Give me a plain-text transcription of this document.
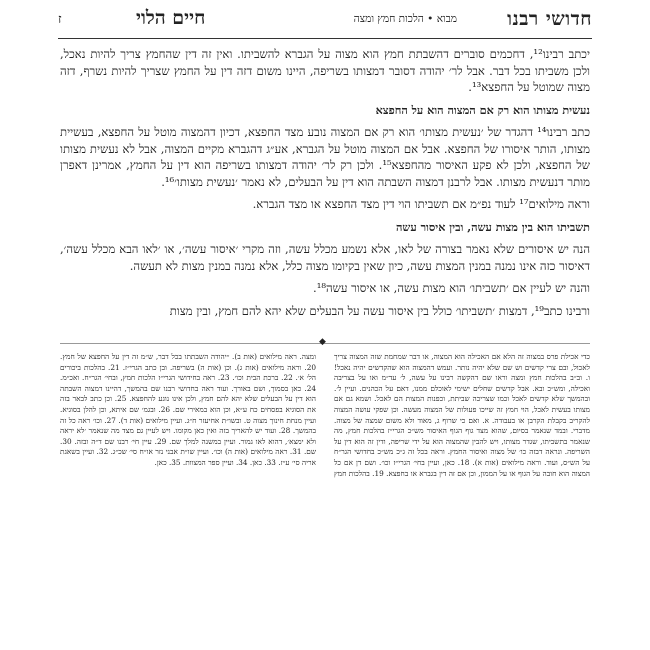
חדושי רבנו
מבוא • הלכות חמץ ומצה
חיים הלוי
ז

יכתב רבינו¹², דחכמים סוברים דהשבתת חמץ הוא מצוה על הגברא להשביתו. ואין זה דין שהחמץ צריך להיות נאכל, ולכן משביתו בכל דבר. אבל לר׳ יהודה דסובר דמצותו בשריפה, היינו משום דזה דין על החמץ שצריך להיות נשרף, דזה מצוה שמוטל על החפצא¹³.

נעשית מצותו הוא רק אם המצוה הוא על החפצא

כתב רבינו¹⁴ דהגדר של ׳נעשית מצותו׳ הוא רק אם המצוה נובע מצד החפצא, דכיון דהמצוה מוטל על החפצא, בעשיית מצותו, הותר איסורו של החפצא. אבל אם המצוה מוטל על הגברא, אע״ג דהגברא מקיים המצוה, אבל לא נעשית מצותו של החפצא, ולכן לא פקע האיסור מהחפצא¹⁵. ולכן רק לר׳ יהודה דמצותו בשריפה הוא דין על החמץ, אמרינן דאפרן מותר דנעשית מצותו. אבל לרבנן דמצוה השבתה הוא דין על הבעלים, לא נאמר ׳נעשית מצותו׳¹⁶.

וראה מילואים¹⁷ לעוד נפ״מ אם תשביתו הוי דין מצד החפצא או מצד הגברא.

תשביתו הוא בין מצות עשה, ובין איסור עשה

הנה יש איסורים שלא נאמר בצורה של לאו, אלא נשמע מכלל עשה, וזה מקרי ׳איסור עשה׳, או ׳לאו הבא מכלל עשה׳, דאיסור כזה אינו נמנה במנין המצות עשה, כיון שאין בקיומו מצוה כלל, אלא נמנה במנין מצות לא תעשה.

והנה יש לעיין אם ׳תשביתו׳ הוא מצות עשה, או איסור עשה¹⁸.

ורבינו כתב¹⁹, דמצות ׳תשביתו׳ כולל בין איסור עשה על הבעלים שלא יהא להם חמץ, ובין מצות

◆
כדי אכילת פרס במצוה זה הלא אם האכילה הוא המצוה, או דבר שמחמת שזה המצוה צריך לאכול, ובם צרי קדשים וש שם שלא יהיה נותר. ועמש דהמצוה הוא שהקדשים יהיה נאכל! ו. וב״ב בהלכות חמץ ומצה וראו שם דהקשה רבינו על עשה, ל׳ עד״מ ואו על בצריבה ואכילה, ומש״כ ובא. אבל קדשים שחלים ישימי לאוכלם ממנו, דאם על הכהנים. ועיין ל׳. ובהמשך שלא קדשים לאכל וכמו שצריכה שביתת, וכפנות המצות הם לאכל. ושמא גם אם מצותו בעשית לאכל, הוי חמץ זה שייכו פעולות של המצוה מעשה. וכן שפקי עושה המצוה להקריב בקבלת הקרבן או בעבודה. א. ואם כי שרוף ג, מאוד ולא משום שמצה של מצוה. מדברי. ובמד שנאמר בסיום, שהוא מצד גוף הגוף האיסור מש״כ הגרי״ז בהלכות חמץ, מה שנאמר בתשביתו, שגדר מצותו, ויש להבין שהמצוה הוא על ידי שריפה, ודין זה הוא דין על השריפה. ונראה דבזה כו׳ של מצוה ואיסור החמץ. וראה בכל זה ג״כ מש״כ בחדושי הגר״ח על הש״ס, ועוד. וראה מילואים (אות א). 18. כאן, ועיין בחי׳ הגרי״ז וכו׳. ושם דן אם כל המצוה הוא חובה על הגוף או על הממון, וכן אם זה דין בגברא או בחפצא. 19. בהלכות חמץ ומצה. ראה מילואים (אות ב). ״יהודה השבתתו בכל דבר, ש״מ זה דין על החפצא של חמץ. 20. וראה מילואים (אות ג). וכן (אות ה) בשריפה. ובן כתב הגרי״ז. 21. בהלכות ביכורים הל׳ א׳. 22. ברכת הבית וכו׳. 23. ראה בחידושי הגרי״ז הלכות חמץ, ובחי׳ הגר״ח. ואכ״מ. 24. כאן בסמוך, ושם באורך. ועוד ראה בחדושי רבנו שם בהמשך, דהיינו דמצוה השבתה הוא דין על הבעלים שלא יהא להם חמץ, ולכן אינו נוגע להחפצא. 25. וכן כתב לבאר בזה את הסוגיא בפסחים כח ע״א, וכן הוא במאירי שם. 26. ובגמ׳ שם איתא, וכן להלן בסוגיא. ועיין מנחת חינוך מצוה ט. ובשו״ת אחיעזר ח״ג. ועיין מילואים (אות ד). 27. וכו׳ ראה כל זה בהמשך. 28. ועוד יש להאריך בזה ואין כאן מקומו. ויש לעיין גם מצד מה שנאמר ׳לא יראה ולא ימצא׳, דהוא לאו גמור. ועיין במשנה למלך שם. 29. עיין חי׳ רבנו שם ד״ה ובזה. 30. שם. 31. ראה מילואים (אות ה) וכו׳. ועיין שו״ת אבני נזר או״ח סי׳ שכ״ג. 32. ועיין בשאגת אריה סי׳ ע״ז. 33. כאן. 34. ועיין ספר המצוות. 35. כאן.
